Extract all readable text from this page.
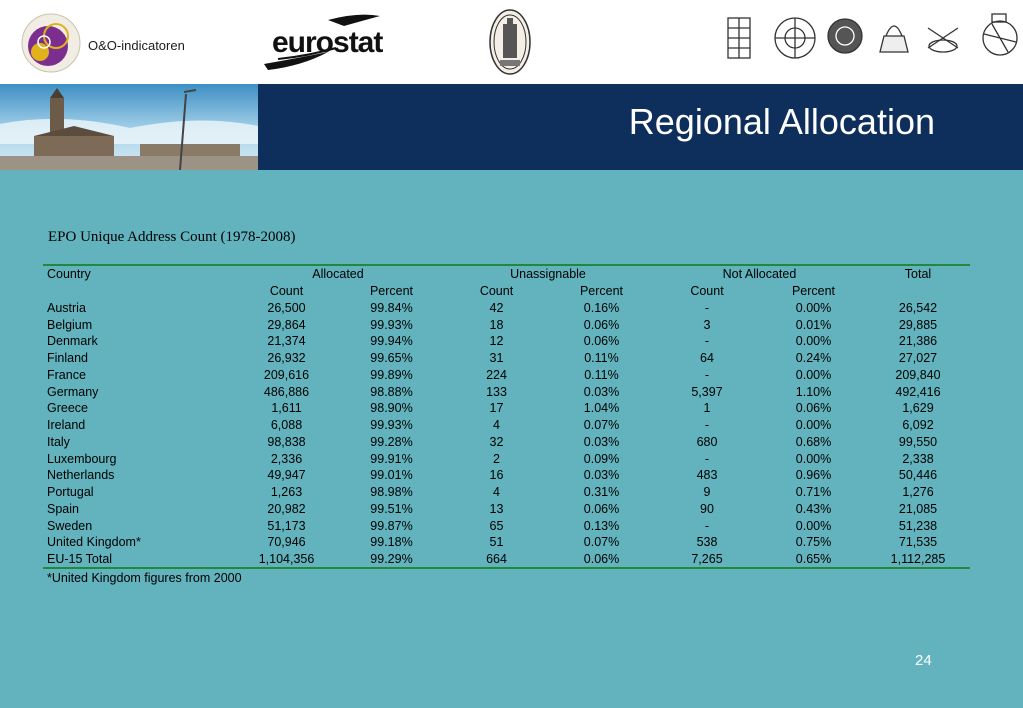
O&O-indicatoren	eurostat
Regional Allocation
EPO Unique Address Count (1978-2008)
Country	Allocated		Unassignable		Not Allocated		Total
	Count	Percent	Count	Percent	Count	Percent	
Austria	26,500	99.84%	42	0.16%	-	0.00%	26,542
Belgium	29,864	99.93%	18	0.06%	3	0.01%	29,885
Denmark	21,374	99.94%	12	0.06%	-	0.00%	21,386
Finland	26,932	99.65%	31	0.11%	64	0.24%	27,027
France	209,616	99.89%	224	0.11%	-	0.00%	209,840
Germany	486,886	98.88%	133	0.03%	5,397	1.10%	492,416
Greece	1,611	98.90%	17	1.04%	1	0.06%	1,629
Ireland	6,088	99.93%	4	0.07%	-	0.00%	6,092
Italy	98,838	99.28%	32	0.03%	680	0.68%	99,550
Luxembourg	2,336	99.91%	2	0.09%	-	0.00%	2,338
Netherlands	49,947	99.01%	16	0.03%	483	0.96%	50,446
Portugal	1,263	98.98%	4	0.31%	9	0.71%	1,276
Spain	20,982	99.51%	13	0.06%	90	0.43%	21,085
Sweden	51,173	99.87%	65	0.13%	-	0.00%	51,238
United Kingdom*	70,946	99.18%	51	0.07%	538	0.75%	71,535
EU-15 Total	1,104,356	99.29%	664	0.06%	7,265	0.65%	1,112,285
*United Kingdom figures from 2000
24
